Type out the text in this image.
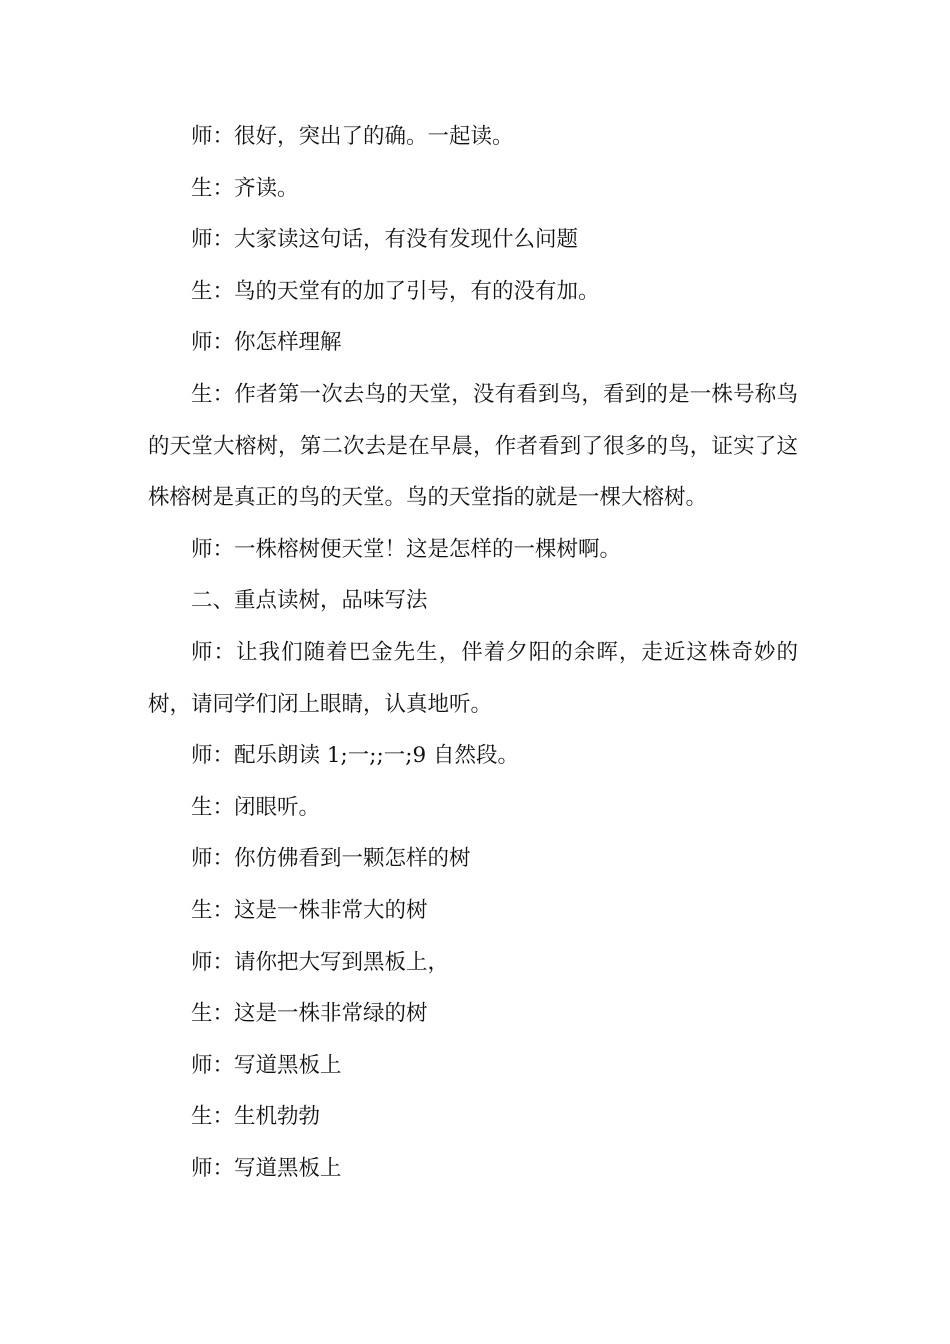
师：很好，突出了的确。一起读。

生：齐读。

师：大家读这句话，有没有发现什么问题

生：鸟的天堂有的加了引号，有的没有加。

师：你怎样理解

生：作者第一次去鸟的天堂，没有看到鸟，看到的是一株号称鸟的天堂大榕树，第二次去是在早晨，作者看到了很多的鸟，证实了这株榕树是真正的鸟的天堂。鸟的天堂指的就是一棵大榕树。

师：一株榕树便天堂！这是怎样的一棵树啊。

二、重点读树，品味写法

师：让我们随着巴金先生，伴着夕阳的余晖，走近这株奇妙的树，请同学们闭上眼睛，认真地听。

师：配乐朗读 1;一;;一;9 自然段。

生：闭眼听。

师：你仿佛看到一颗怎样的树

生：这是一株非常大的树

师：请你把大写到黑板上，

生：这是一株非常绿的树

师：写道黑板上

生：生机勃勃

师：写道黑板上
